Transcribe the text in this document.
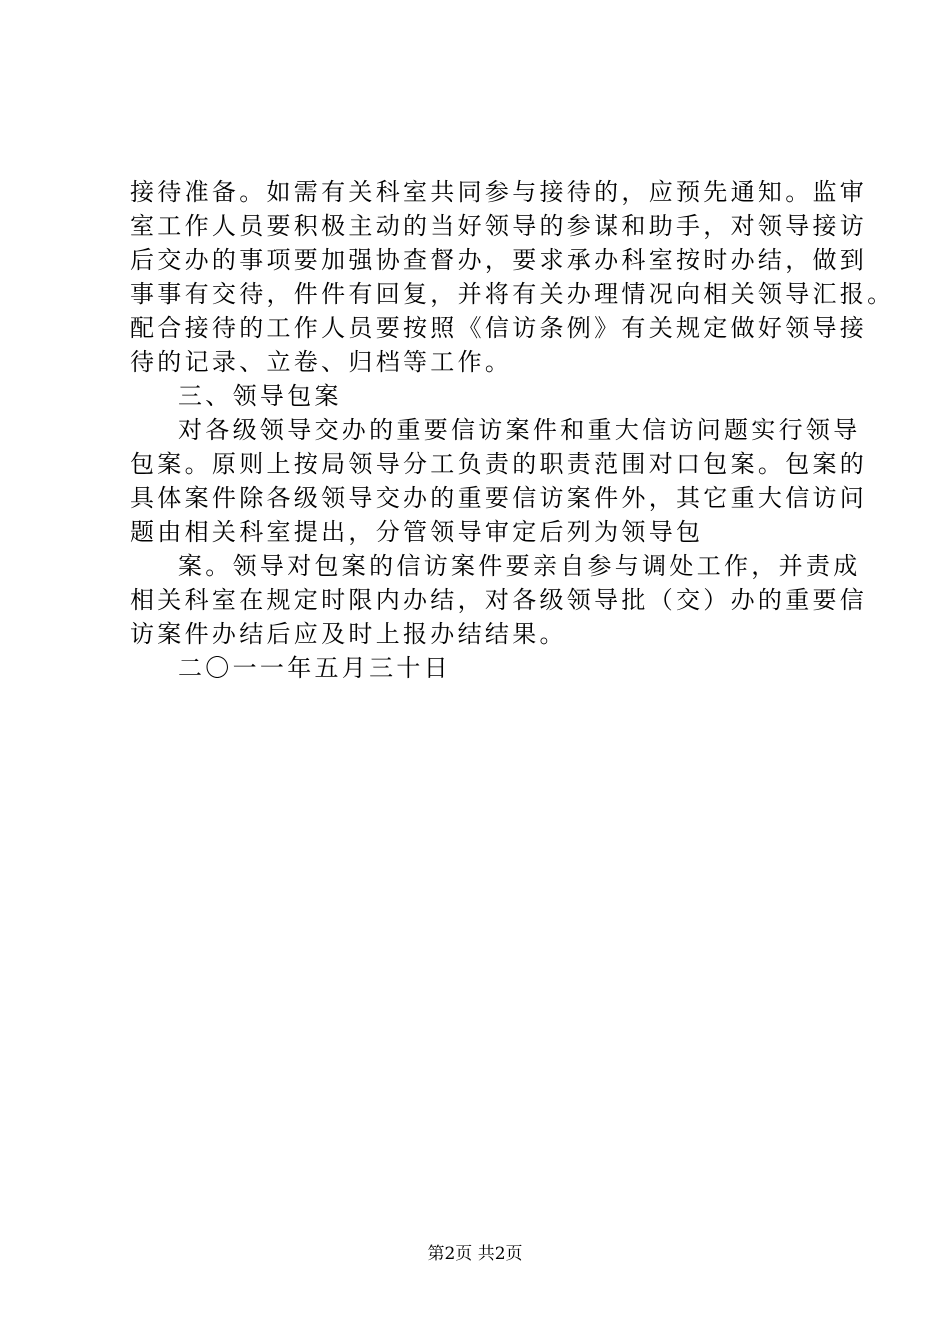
接待准备。如需有关科室共同参与接待的，应预先通知。监审
室工作人员要积极主动的当好领导的参谋和助手，对领导接访
后交办的事项要加强协查督办，要求承办科室按时办结，做到
事事有交待，件件有回复，并将有关办理情况向相关领导汇报。
配合接待的工作人员要按照《信访条例》有关规定做好领导接
待的记录、立卷、归档等工作。
三、领导包案
对各级领导交办的重要信访案件和重大信访问题实行领导
包案。原则上按局领导分工负责的职责范围对口包案。包案的
具体案件除各级领导交办的重要信访案件外，其它重大信访问
题由相关科室提出，分管领导审定后列为领导包
案。领导对包案的信访案件要亲自参与调处工作，并责成
相关科室在规定时限内办结，对各级领导批（交）办的重要信
访案件办结后应及时上报办结结果。
二〇一一年五月三十日
第2页 共2页
